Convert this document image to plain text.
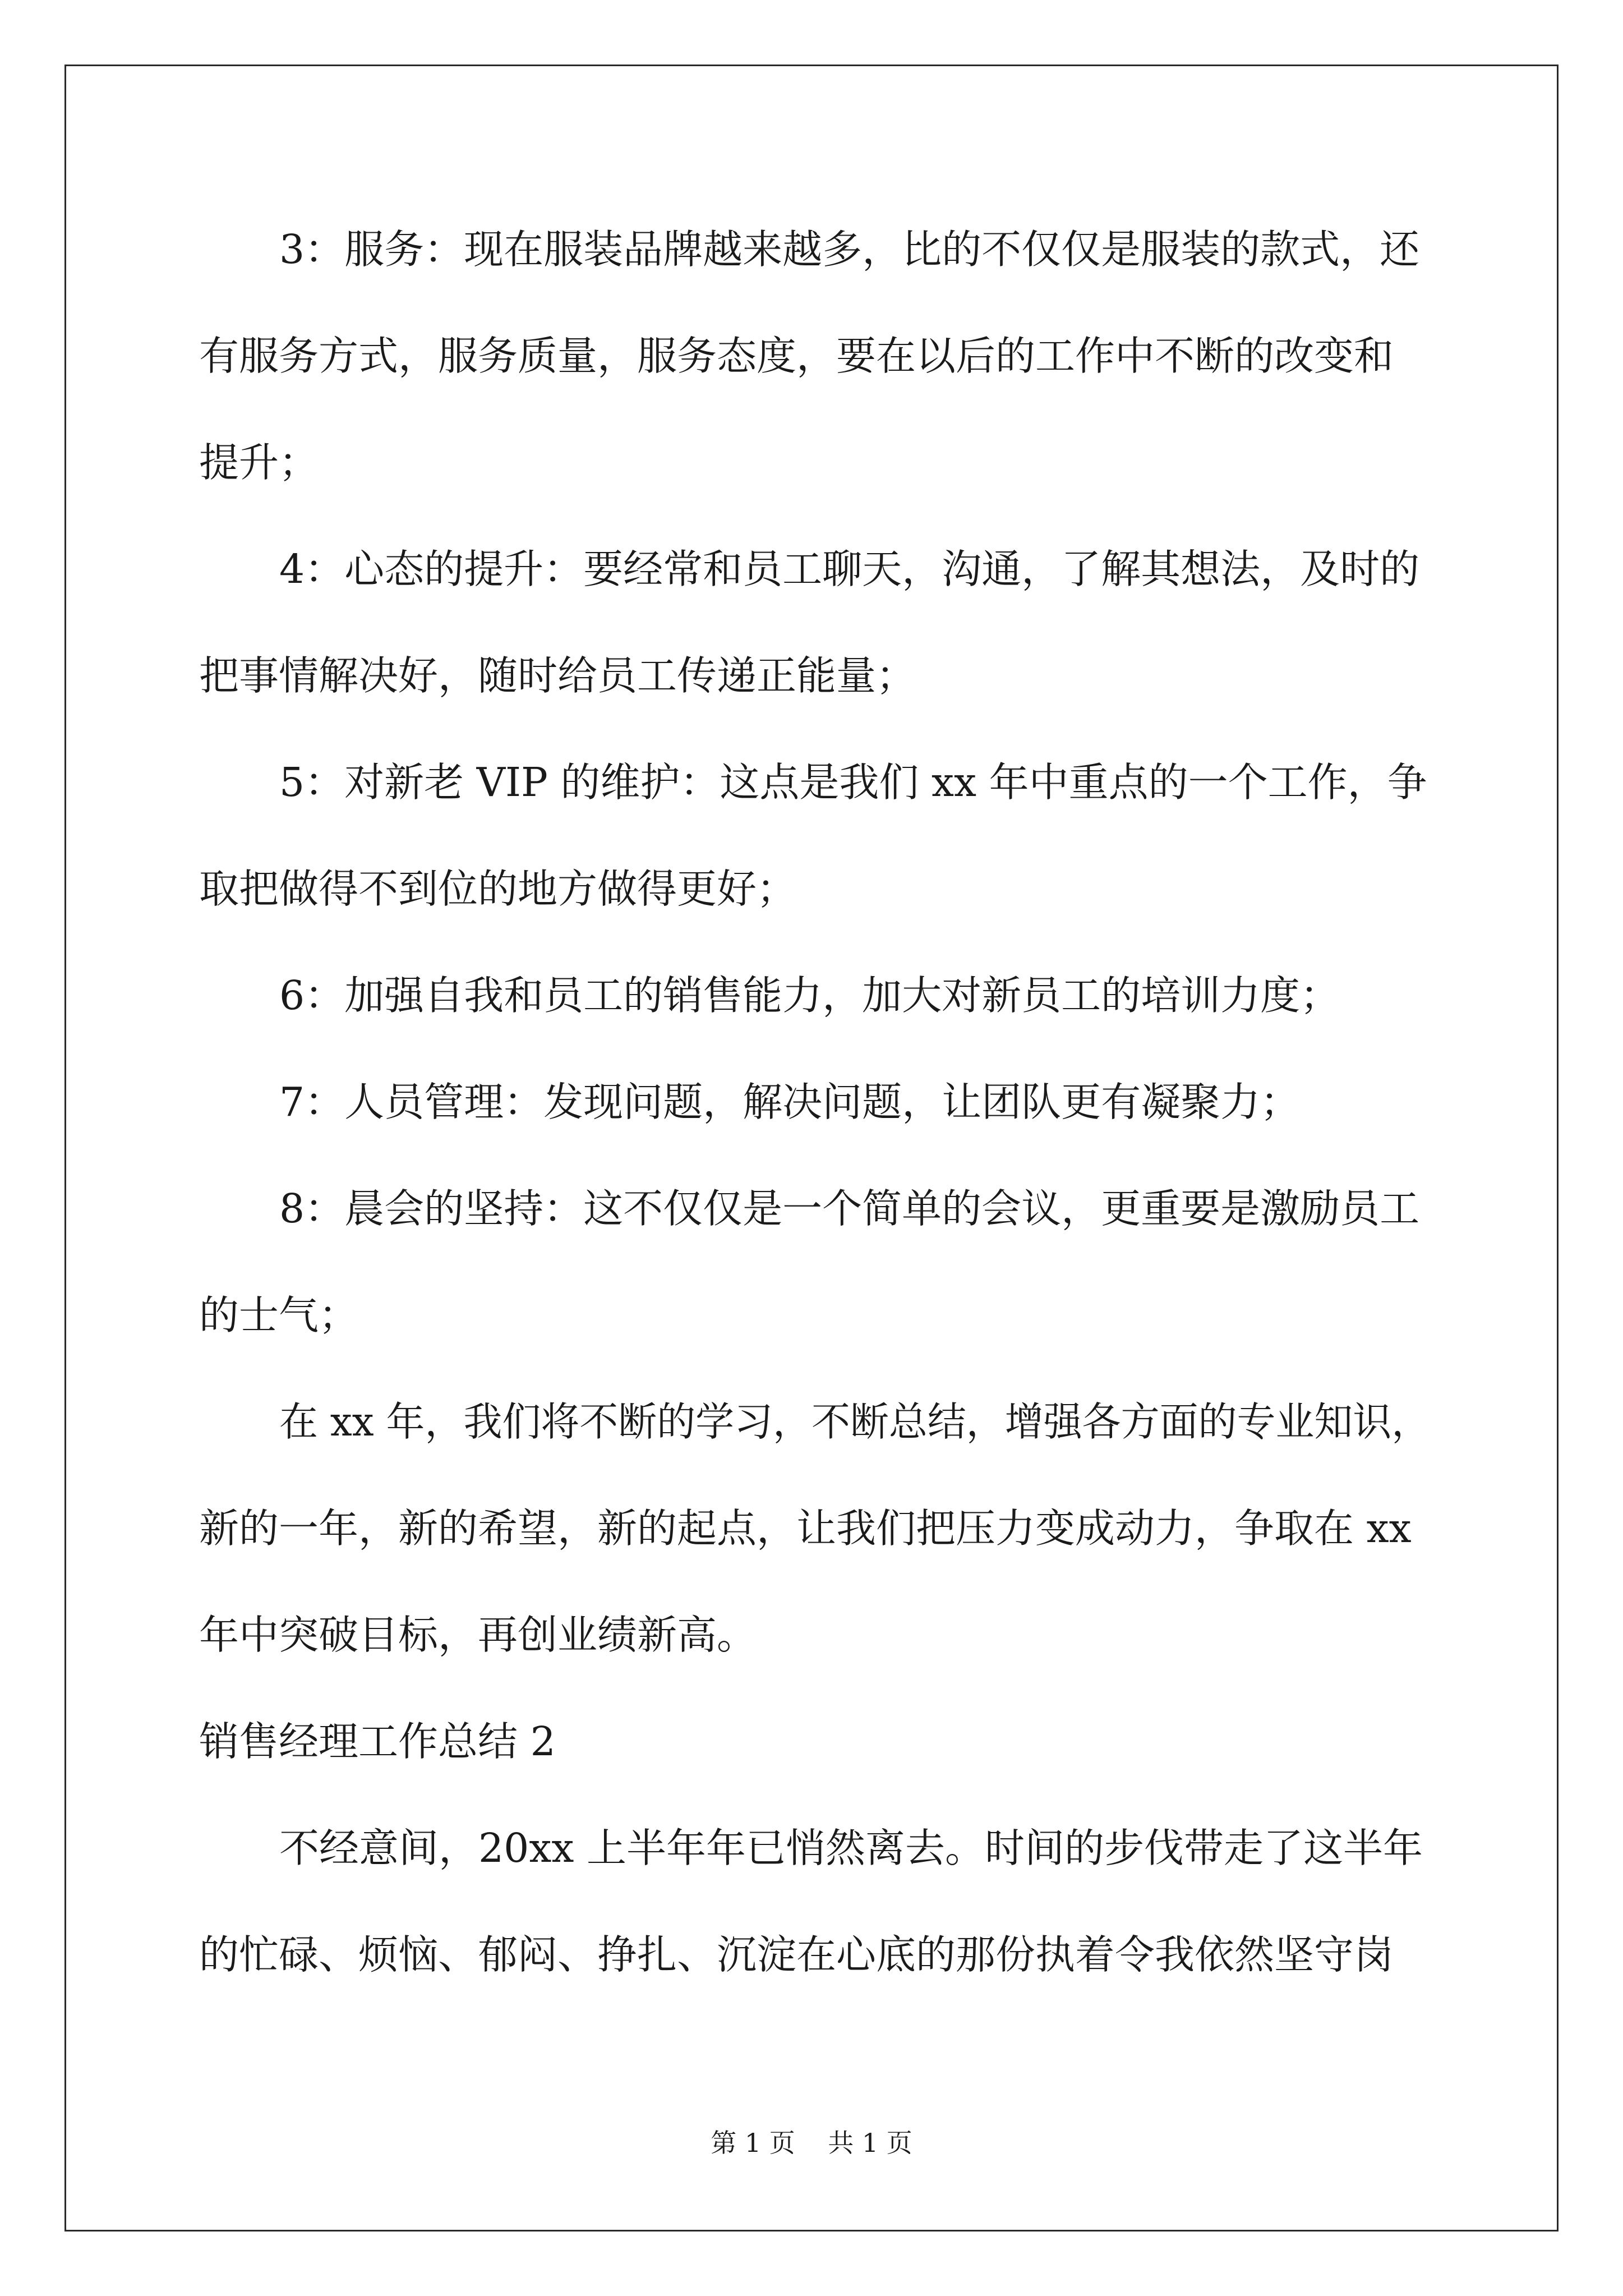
3：服务：现在服装品牌越来越多，比的不仅仅是服装的款式，还
有服务方式，服务质量，服务态度，要在以后的工作中不断的改变和
提升；
4：心态的提升：要经常和员工聊天，沟通，了解其想法，及时的
把事情解决好，随时给员工传递正能量；
5：对新老 VIP 的维护：这点是我们 xx 年中重点的一个工作，争
取把做得不到位的地方做得更好；
6：加强自我和员工的销售能力，加大对新员工的培训力度；
7：人员管理：发现问题，解决问题，让团队更有凝聚力；
8：晨会的坚持：这不仅仅是一个简单的会议，更重要是激励员工
的士气；
在 xx 年，我们将不断的学习，不断总结，增强各方面的专业知识，
新的一年，新的希望，新的起点，让我们把压力变成动力，争取在 xx
年中突破目标，再创业绩新高。
销售经理工作总结 2
不经意间，20xx 上半年年已悄然离去。时间的步伐带走了这半年
的忙碌、烦恼、郁闷、挣扎、沉淀在心底的那份执着令我依然坚守岗
第 1 页    共 1 页
